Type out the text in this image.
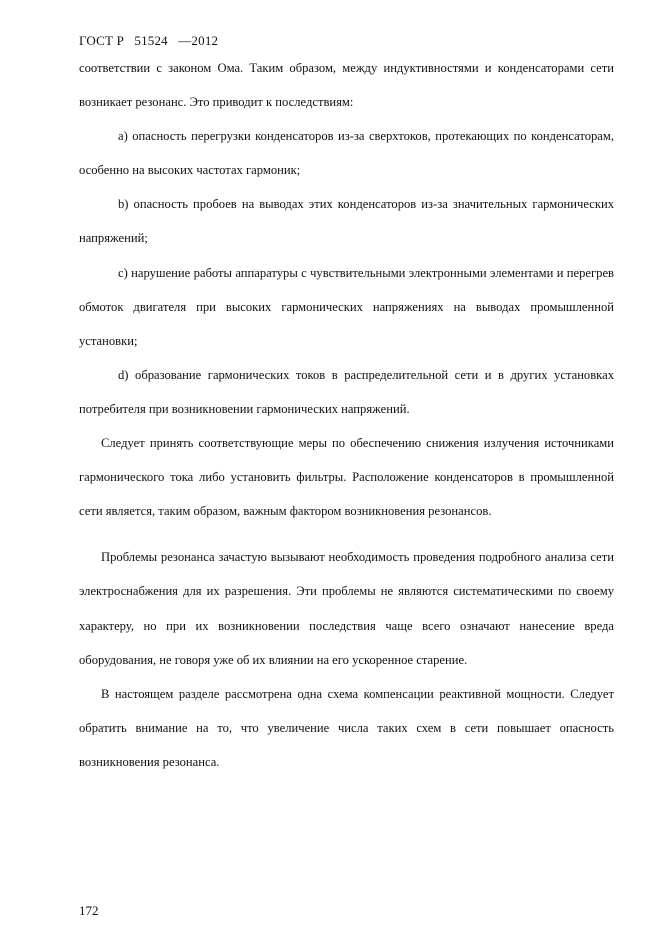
ГОСТ Р   51524   —2012

соответствии с законом Ома. Таким образом, между индуктивностями и конденсаторами сети возникает резонанс. Это приводит к последствиям:

a) опасность перегрузки конденсаторов из-за сверхтоков, протекающих по конденсаторам, особенно на высоких частотах гармоник;

b) опасность пробоев на выводах этих конденсаторов из-за значительных гармонических напряжений;

c) нарушение работы аппаратуры с чувствительными электронными элементами и перегрев обмоток двигателя при высоких гармонических напряжениях на выводах промышленной установки;

d) образование гармонических токов в распределительной сети и в других установках потребителя при возникновении гармонических напряжений.

Следует принять соответствующие меры по обеспечению снижения излучения источниками гармонического тока либо установить фильтры. Расположение конденсаторов в промышленной сети является, таким образом, важным фактором возникновения резонансов.

Проблемы резонанса зачастую вызывают необходимость проведения подробного анализа сети электроснабжения для их разрешения. Эти проблемы не являются систематическими по своему характеру, но при их возникновении последствия чаще всего означают нанесение вреда оборудования, не говоря уже об их влиянии на его ускоренное старение.

В настоящем разделе рассмотрена одна схема компенсации реактивной мощности. Следует обратить внимание на то, что увеличение числа таких схем в сети повышает опасность возникновения резонанса.

172
